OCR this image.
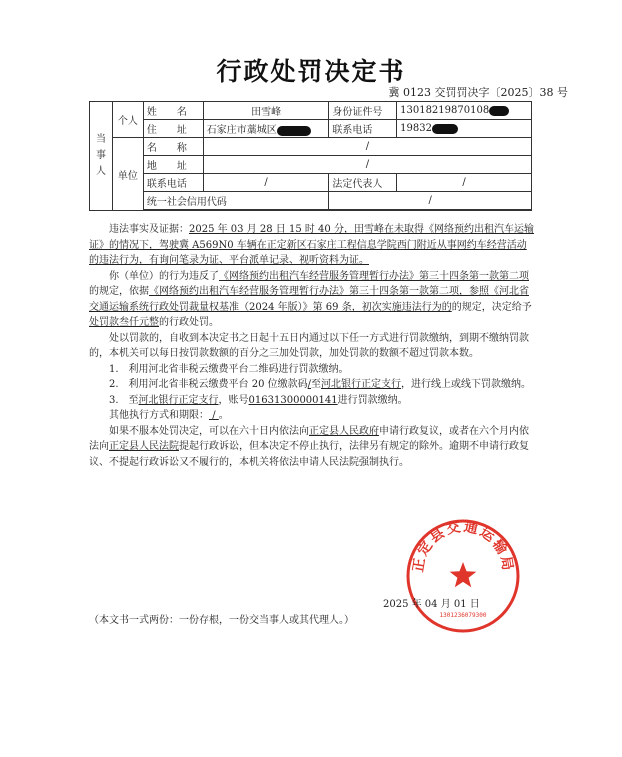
行政处罚决定书
冀 0123 交罚罚决字〔2025〕38 号
当事人	个人	姓　　名	田雪峰	身份证件号	13018219870108
		住　　址	石家庄市藁城区	联系电话	19832
	单位	名　　称	/		
		地　　址	/		
		联系电话	/	法定代表人	/
		统一社会信用代码		/	

违法事实及证据：2025 年 03 月 28 日 15 时 40 分，田雪峰在未取得《网络预约出租汽车运输证》的情况下，驾驶冀 A569N0 车辆在正定新区石家庄工程信息学院西门附近从事网约车经营活动的违法行为，有询问笔录为证、平台派单记录、视听资料为证。

你（单位）的行为违反了《网络预约出租汽车经营服务管理暂行办法》第三十四条第一款第二项的规定，依据《网络预约出租汽车经营服务管理暂行办法》第三十四条第一款第二项，参照《河北省交通运输系统行政处罚裁量权基准（2024 年版）》第 69 条，初次实施违法行为的的规定，决定给予处罚款叁仟元整的行政处罚。

处以罚款的，自收到本决定书之日起十五日内通过以下任一方式进行罚款缴纳，到期不缴纳罚款的，本机关可以每日按罚款数额的百分之三加处罚款，加处罚款的数额不超过罚款本数。

1.　利用河北省非税云缴费平台二维码进行罚款缴纳。

2.　利用河北省非税云缴费平台 20 位缴款码/至河北银行正定支行，进行线上或线下罚款缴纳。

3.　至河北银行正定支行，账号01631300000141进行罚款缴纳。

其他执行方式和期限： / 。

如果不服本处罚决定，可以在六十日内依法向正定县人民政府申请行政复议，或者在六个月内依法向正定县人民法院提起行政诉讼，但本决定不停止执行，法律另有规定的除外。逾期不申请行政复议、不提起行政诉讼又不履行的，本机关将依法申请人民法院强制执行。

正定县交通运输局
1301236079300
2025 年 04 月 01 日
（本文书一式两份：一份存根，一份交当事人或其代理人。）
